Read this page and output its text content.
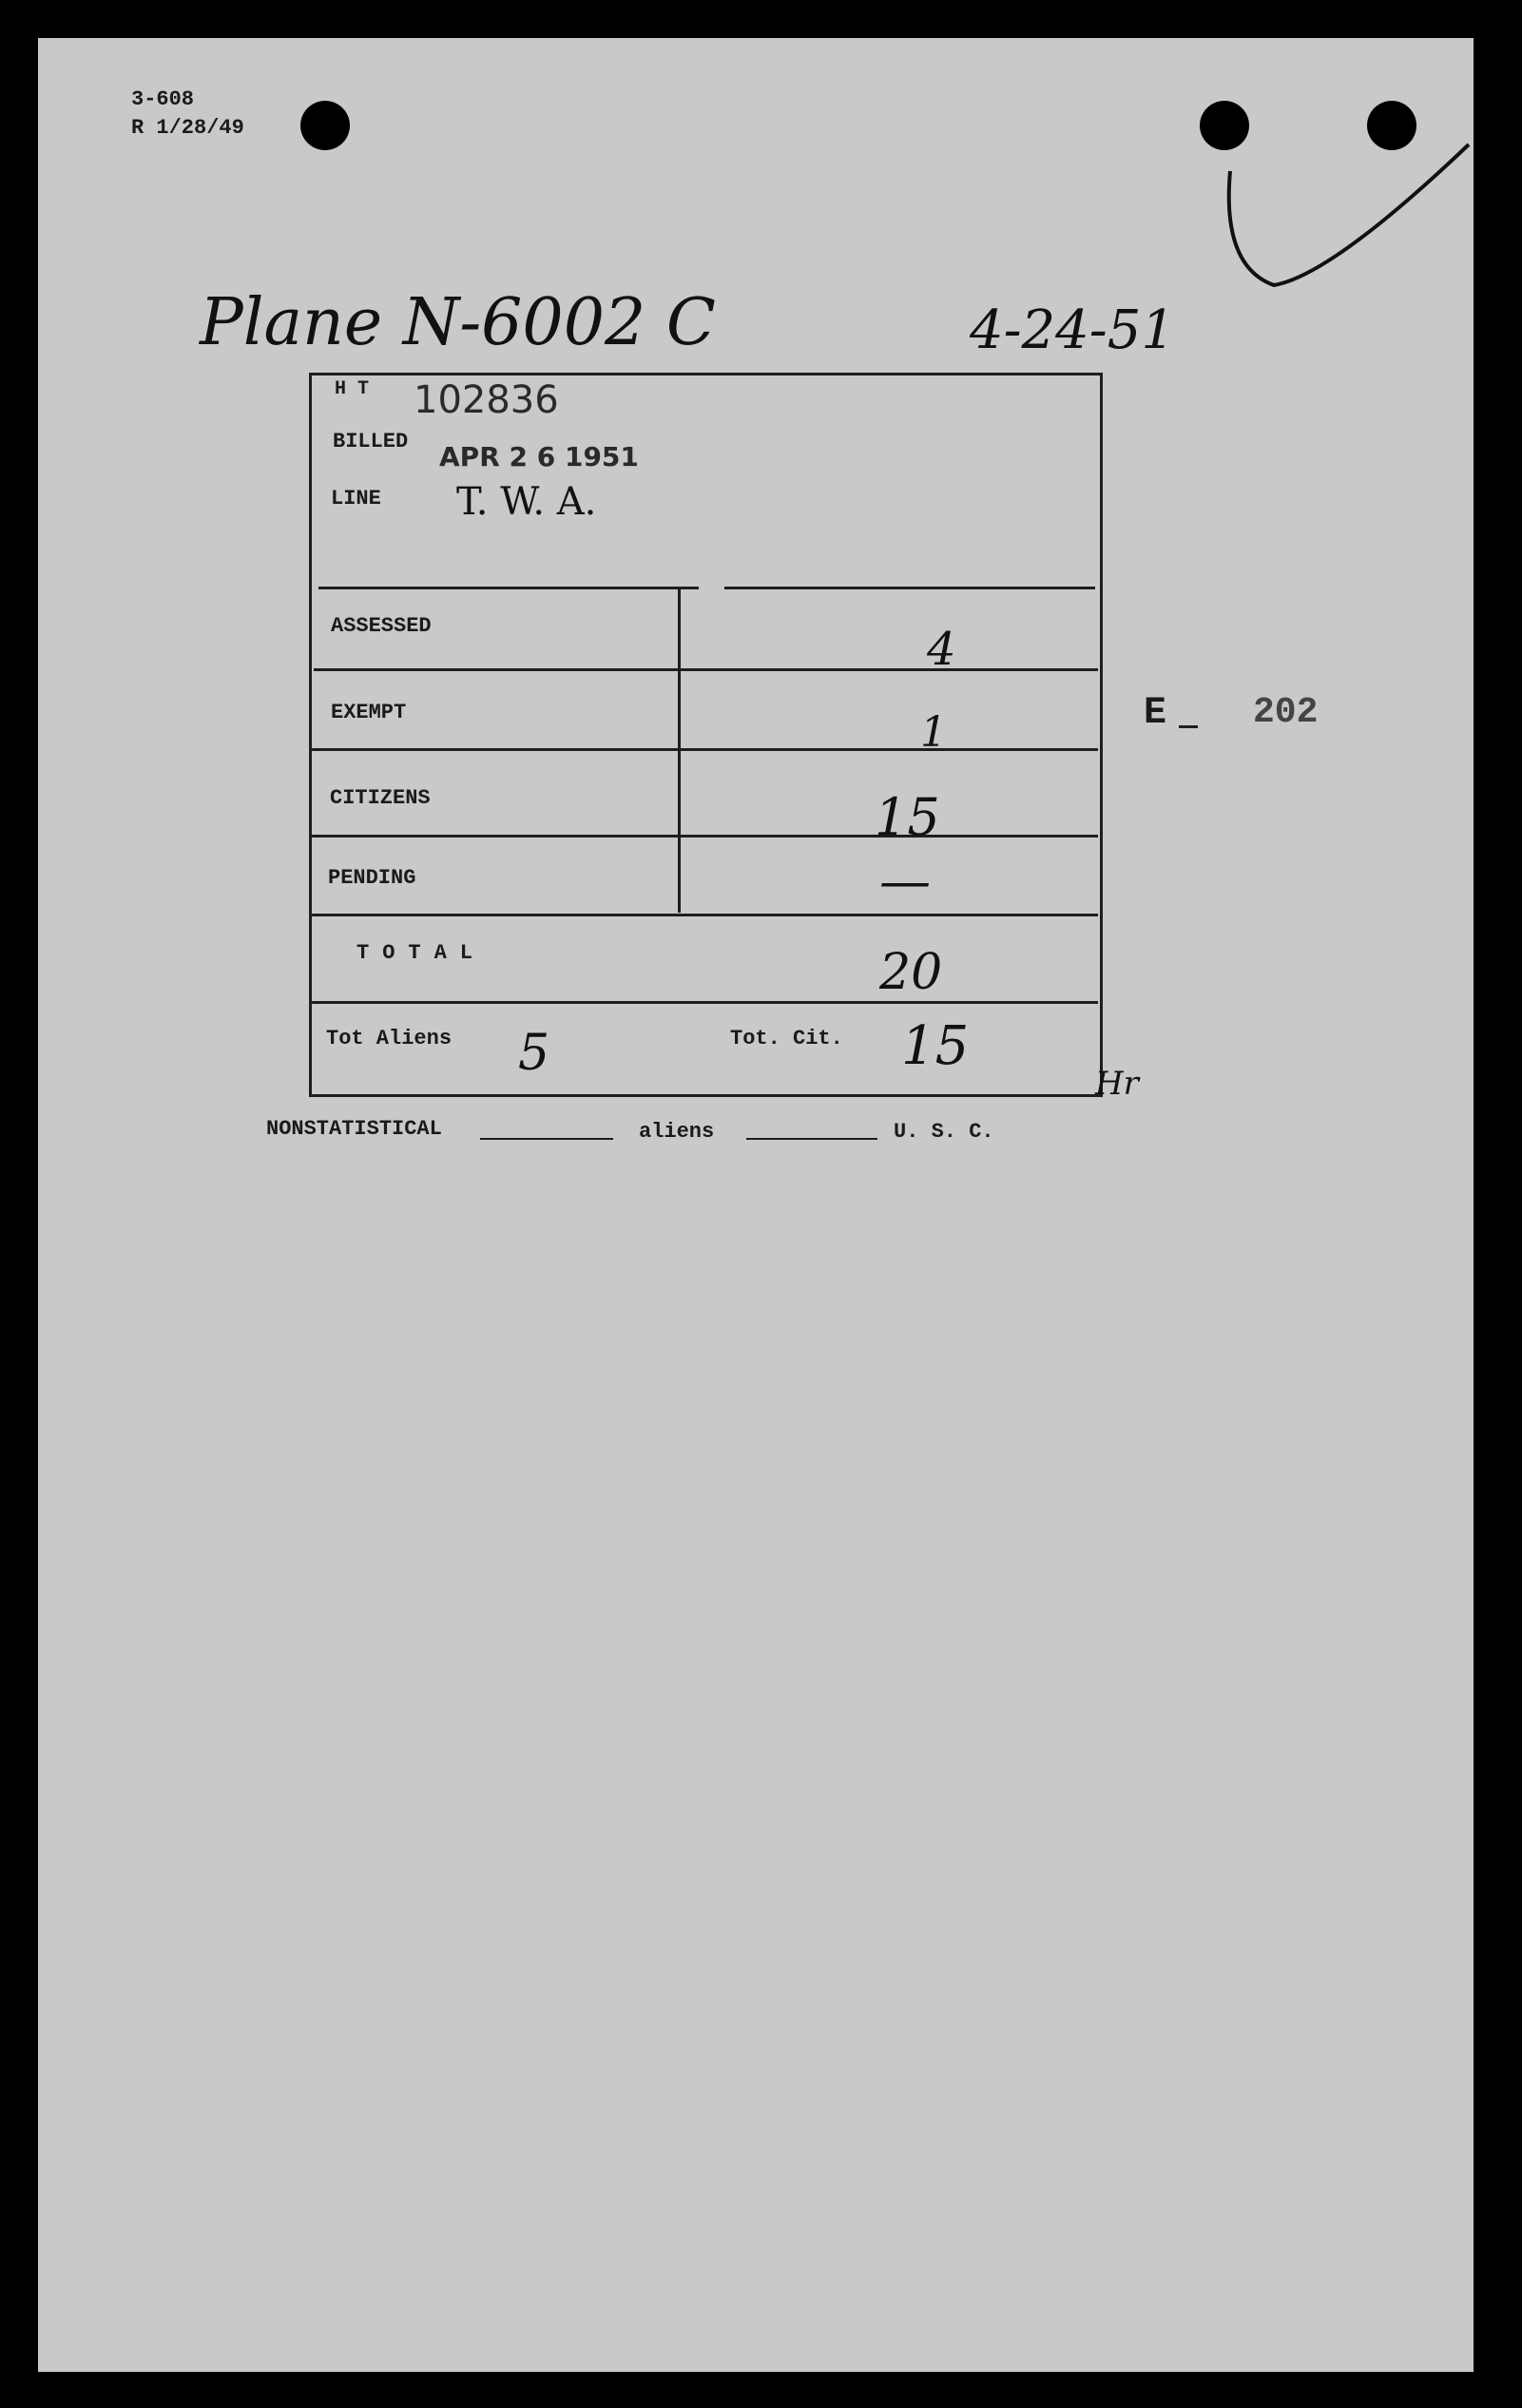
3-608
R 1/28/49
Plane N-6002 C	4-24-51
H T 102836
BILLED APR 2 6 1951
LINE T. W. A.
ASSESSED	4
EXEMPT	1
CITIZENS	15
PENDING	—
TOTAL	20
Tot Aliens 5	Tot. Cit. 15
Hr
E 202
NONSTATISTICAL	aliens	U. S. C.
